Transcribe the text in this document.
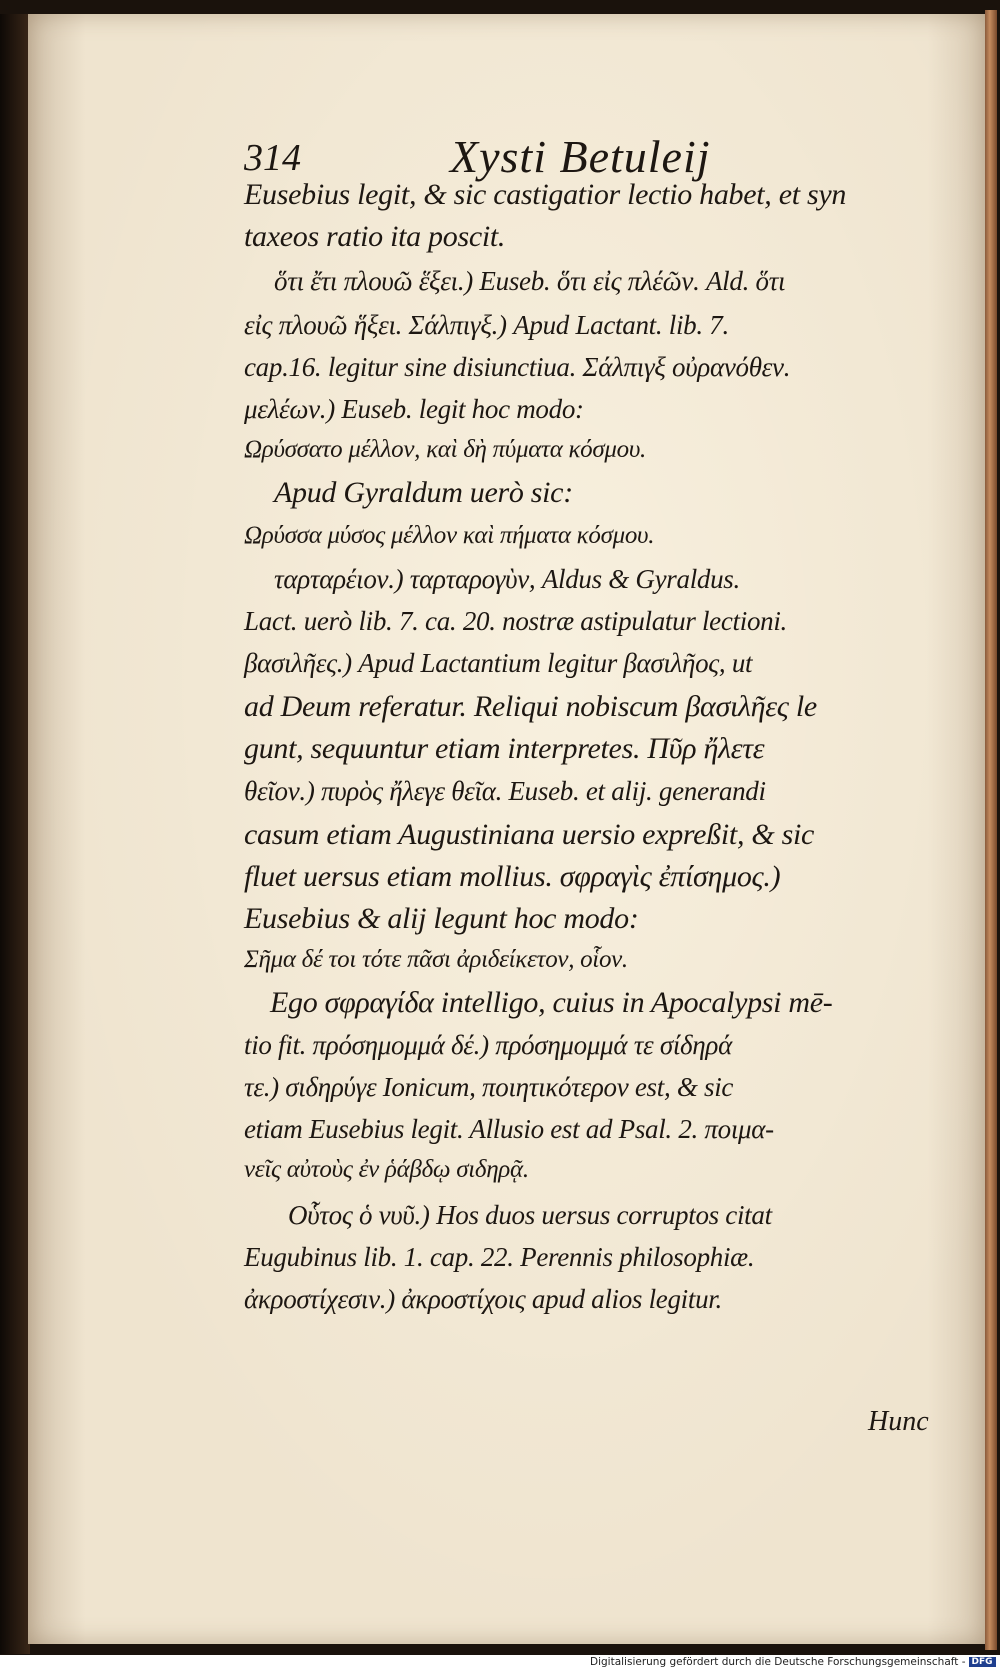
314	Xysti Betuleij
Eusebius legit, & sic castigatior lectio habet, et syn
taxeos ratio ita poscit.
ὅτι ἔτι πλουῶ ἕξει.) Euseb. ὅτι εἰς πλέῶν. Ald. ὅτι
εἰς πλουῶ ἥξει. Σάλπιγξ.) Apud Lactant. lib. 7.
cap.16. legitur sine disiunctiua. Σάλπιγξ οὐρανόθεν.
μελέων.) Euseb. legit hoc modo:
Ωρύσσατο μέλλον, καὶ δὴ πύματα κόσμου.
Apud Gyraldum uerò sic:
Ωρύσσα μύσος μέλλον καὶ πήματα κόσμου.
ταρταρέιον.) ταρταρογὺν, Aldus & Gyraldus.
Lact. uerò lib. 7. ca. 20. nostræ astipulatur lectioni.
βασιλῆες.) Apud Lactantium legitur βασιλῆος, ut
ad Deum referatur. Reliqui nobiscum βασιλῆες le
gunt, sequuntur etiam interpretes. Πῦρ ἤλετε
θεῖον.) πυρὸς ἤλεγε θεῖα. Euseb. et alij. generandi
casum etiam Augustiniana uersio expreßit, & sic
fluet uersus etiam mollius. σφραγὶς ἐπίσημος.)
Eusebius & alij legunt hoc modo:
Σῆμα δέ τοι τότε πᾶσι ἀριδείκετον, οἷον.
Ego σφραγίδα intelligo, cuius in Apocalypsi mē-
tio fit. πρόσημομμά δέ.) πρόσημομμά τε σίδηρά
τε.) σιδηρύγε Ionicum, ποιητικότερον est, & sic
etiam Eusebius legit. Allusio est ad Psal. 2. ποιμα-
νεῖς αὐτοὺς ἐν ῥάβδῳ σιδηρᾷ.
Οὗτος ὁ νυῦ.) Hos duos uersus corruptos citat
Eugubinus lib. 1. cap. 22. Perennis philosophiæ.
ἀκροστίχεσιν.) ἀκροστίχοις apud alios legitur.
Hunc
Digitalisierung gefördert durch die Deutsche Forschungsgemeinschaft - DFG
